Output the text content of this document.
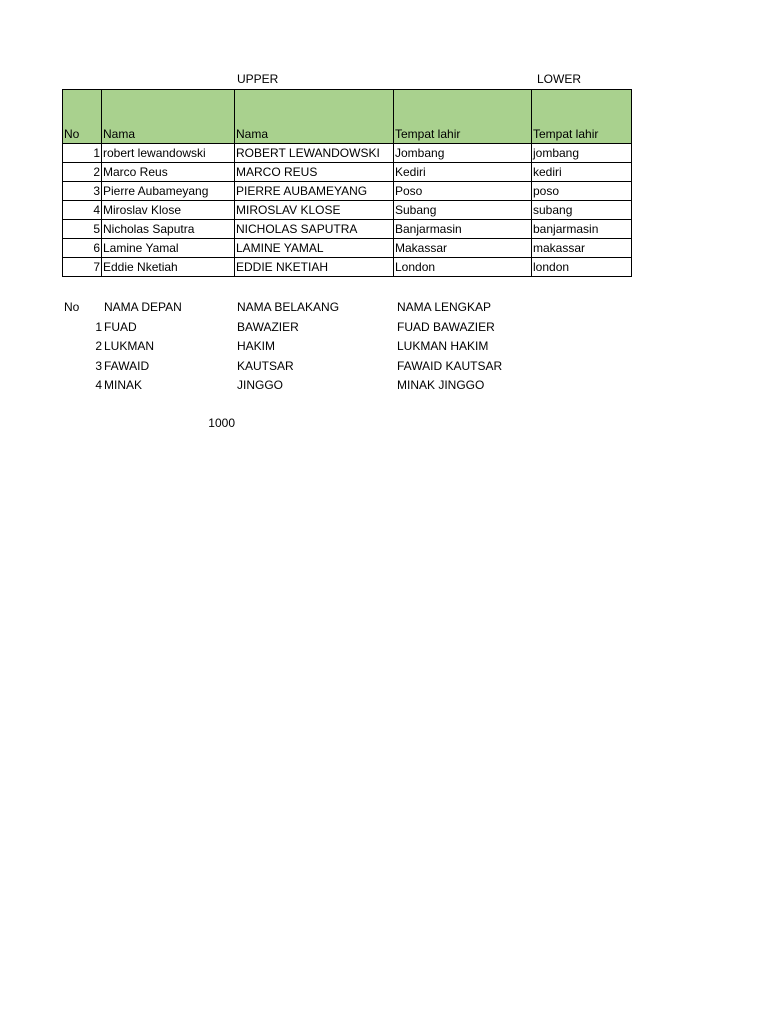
UPPER	LOWER
No	Nama	Nama	Tempat lahir	Tempat lahir
1	robert lewandowski	ROBERT LEWANDOWSKI	Jombang	jombang
2	Marco Reus	MARCO REUS	Kediri	kediri
3	Pierre Aubameyang	PIERRE AUBAMEYANG	Poso	poso
4	Miroslav Klose	MIROSLAV KLOSE	Subang	subang
5	Nicholas Saputra	NICHOLAS SAPUTRA	Banjarmasin	banjarmasin
6	Lamine Yamal	LAMINE YAMAL	Makassar	makassar
7	Eddie Nketiah	EDDIE NKETIAH	London	london
No NAMA DEPAN	NAMA BELAKANG	NAMA LENGKAP
1 FUAD	BAWAZIER	FUAD BAWAZIER
2 LUKMAN	HAKIM	LUKMAN HAKIM
3 FAWAID	KAUTSAR	FAWAID KAUTSAR
4 MINAK	JINGGO	MINAK JINGGO
1000
